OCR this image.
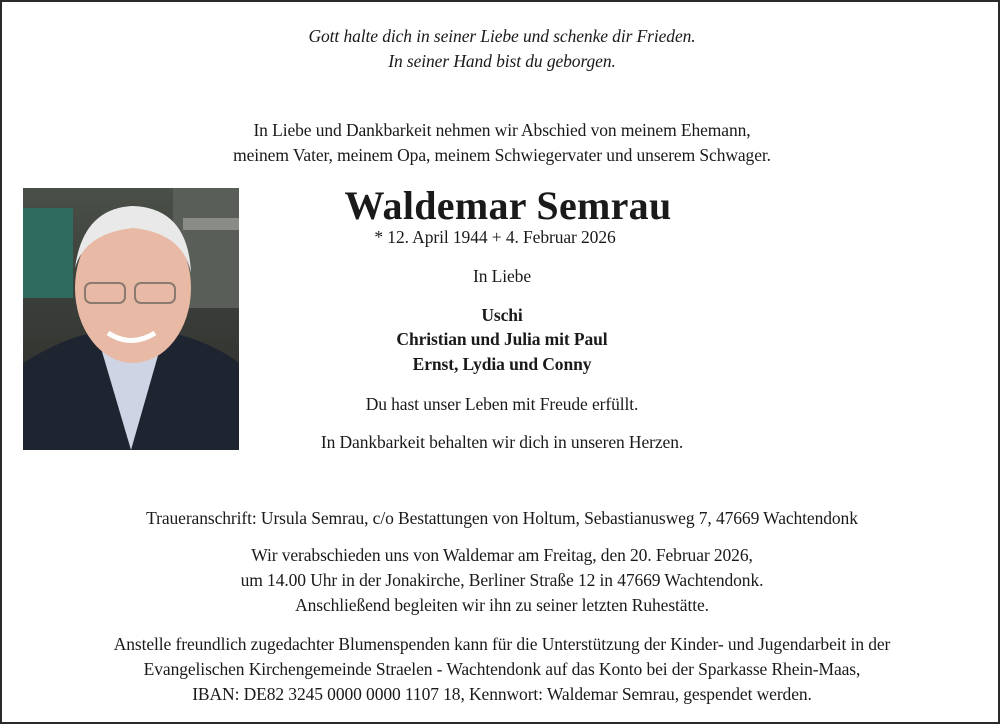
Gott halte dich in seiner Liebe und schenke dir Frieden.
In seiner Hand bist du geborgen.
In Liebe und Dankbarkeit nehmen wir Abschied von meinem Ehemann,
meinem Vater, meinem Opa, meinem Schwiegervater und unserem Schwager.
Waldemar Semrau
* 12. April 1944 + 4. Februar 2026
In Liebe
Uschi
Christian und Julia mit Paul
Ernst, Lydia und Conny
Du hast unser Leben mit Freude erfüllt.
In Dankbarkeit behalten wir dich in unseren Herzen.
Traueranschrift: Ursula Semrau, c/o Bestattungen von Holtum, Sebastianusweg 7, 47669 Wachtendonk
Wir verabschieden uns von Waldemar am Freitag, den 20. Februar 2026,
um 14.00 Uhr in der Jonakirche, Berliner Straße 12 in 47669 Wachtendonk.
Anschließend begleiten wir ihn zu seiner letzten Ruhestätte.
Anstelle freundlich zugedachter Blumenspenden kann für die Unterstützung der Kinder- und Jugendarbeit in der
Evangelischen Kirchengemeinde Straelen - Wachtendonk auf das Konto bei der Sparkasse Rhein-Maas,
IBAN: DE82 3245 0000 0000 1107 18, Kennwort: Waldemar Semrau, gespendet werden.
